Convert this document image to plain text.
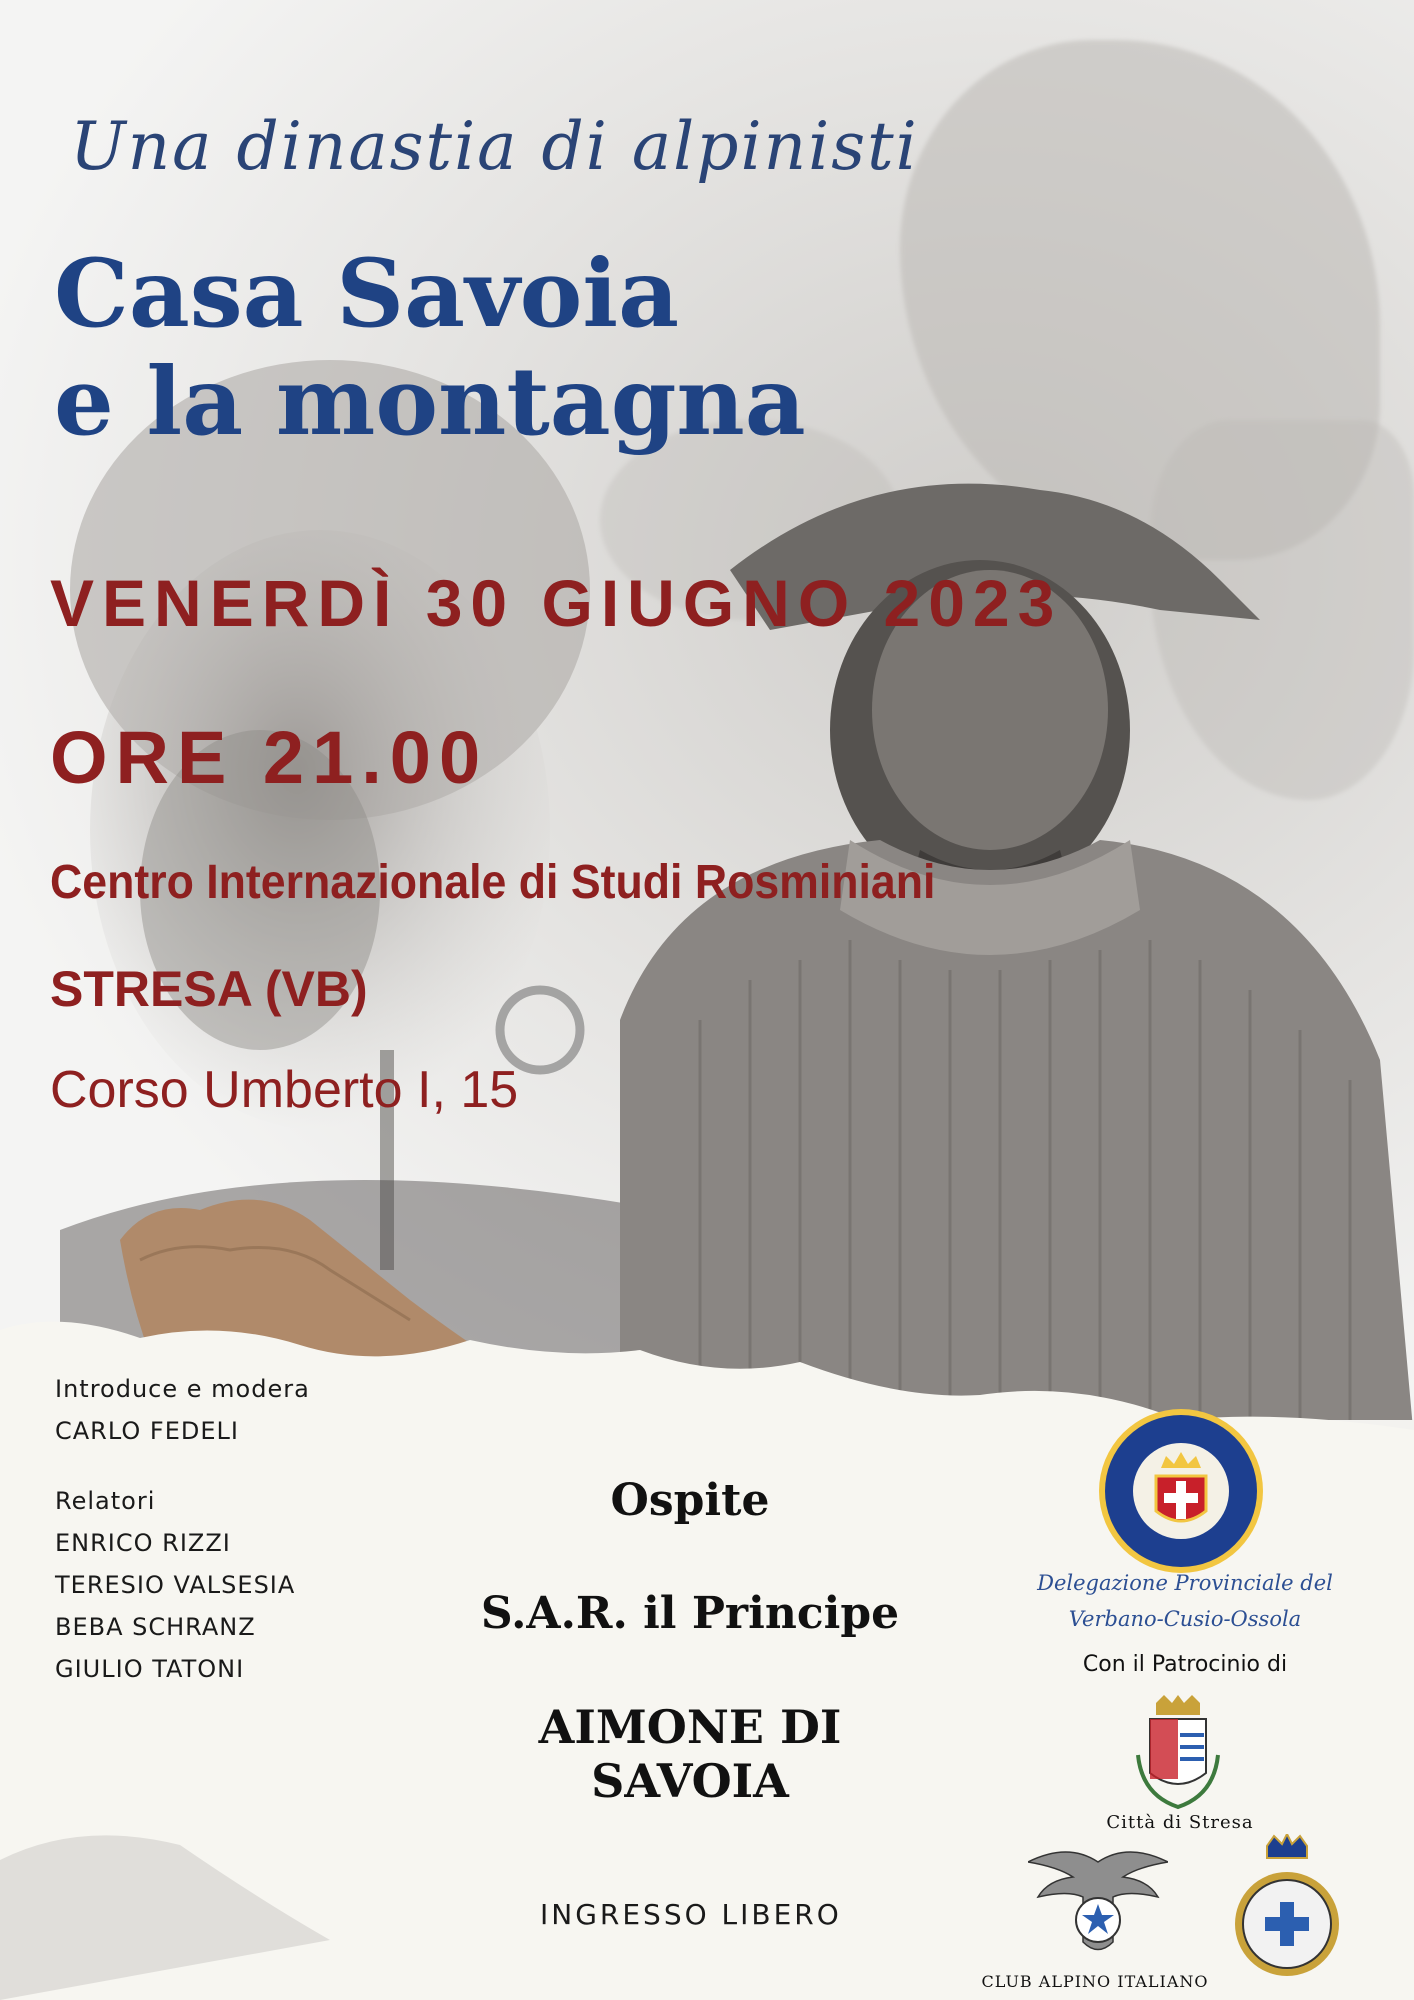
Una dinastia di alpinisti
Casa Savoia
e la montagna
VENERDÌ 30 GIUGNO 2023
ORE 21.00
Centro Internazionale di Studi Rosminiani
STRESA (VB)
Corso Umberto I, 15
Introduce e modera
CARLO FEDELI
Relatori
ENRICO RIZZI
TERESIO VALSESIA
BEBA SCHRANZ
GIULIO TATONI
Ospite
S.A.R. il Principe
AIMONE DI SAVOIA
INGRESSO LIBERO
Delegazione Provinciale del
Verbano-Cusio-Ossola
Con il Patrocinio di
Città di Stresa
CLUB ALPINO ITALIANO
